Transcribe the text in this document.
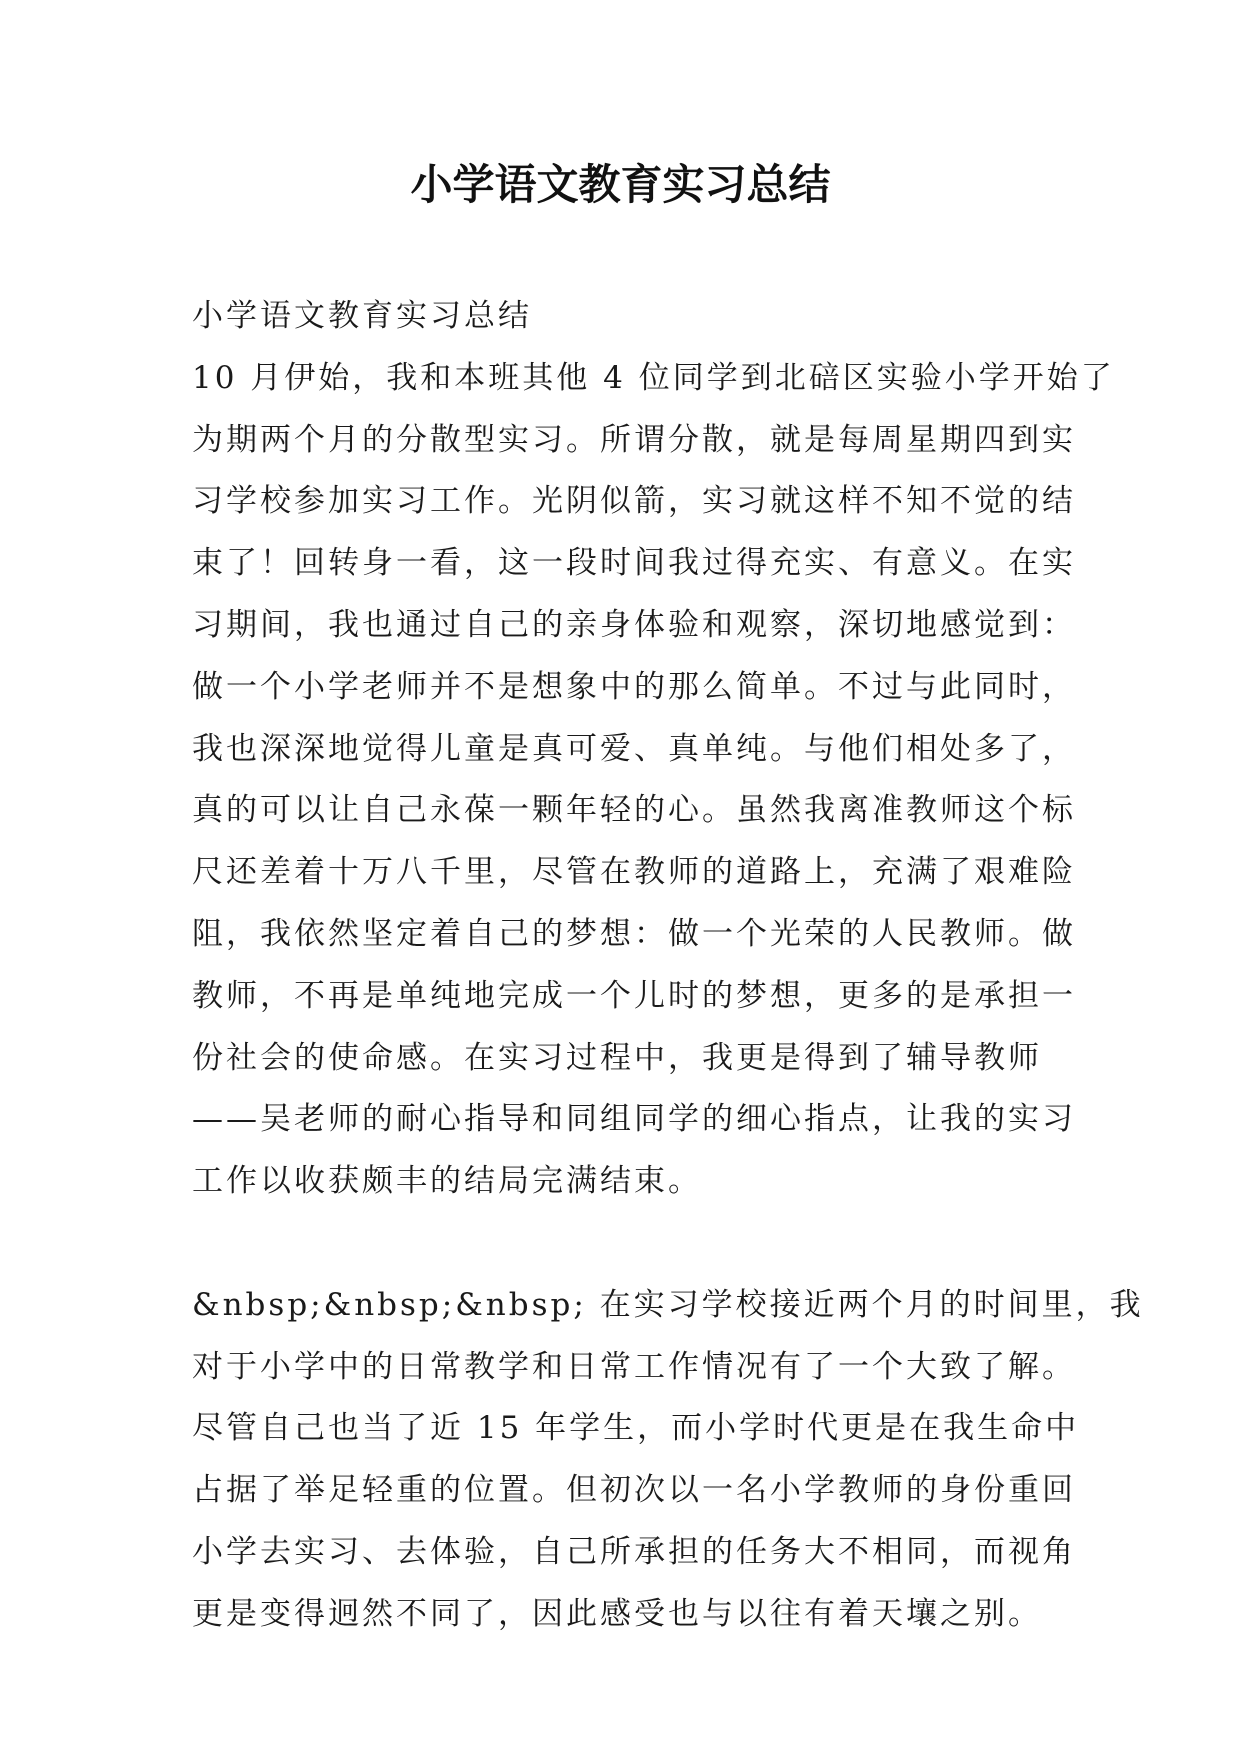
小学语文教育实习总结
小学语文教育实习总结
10 月伊始，我和本班其他 4 位同学到北碚区实验小学开始了
为期两个月的分散型实习。所谓分散，就是每周星期四到实
习学校参加实习工作。光阴似箭，实习就这样不知不觉的结
束了！回转身一看，这一段时间我过得充实、有意义。在实
习期间，我也通过自己的亲身体验和观察，深切地感觉到：
做一个小学老师并不是想象中的那么简单。不过与此同时，
我也深深地觉得儿童是真可爱、真单纯。与他们相处多了，
真的可以让自己永葆一颗年轻的心。虽然我离准教师这个标
尺还差着十万八千里，尽管在教师的道路上，充满了艰难险
阻，我依然坚定着自己的梦想：做一个光荣的人民教师。做
教师，不再是单纯地完成一个儿时的梦想，更多的是承担一
份社会的使命感。在实习过程中，我更是得到了辅导教师
——吴老师的耐心指导和同组同学的细心指点，让我的实习
工作以收获颇丰的结局完满结束。
&nbsp;&nbsp;&nbsp; 在实习学校接近两个月的时间里，我
对于小学中的日常教学和日常工作情况有了一个大致了解。
尽管自己也当了近 15 年学生，而小学时代更是在我生命中
占据了举足轻重的位置。但初次以一名小学教师的身份重回
小学去实习、去体验，自己所承担的任务大不相同，而视角
更是变得迥然不同了，因此感受也与以往有着天壤之别。
